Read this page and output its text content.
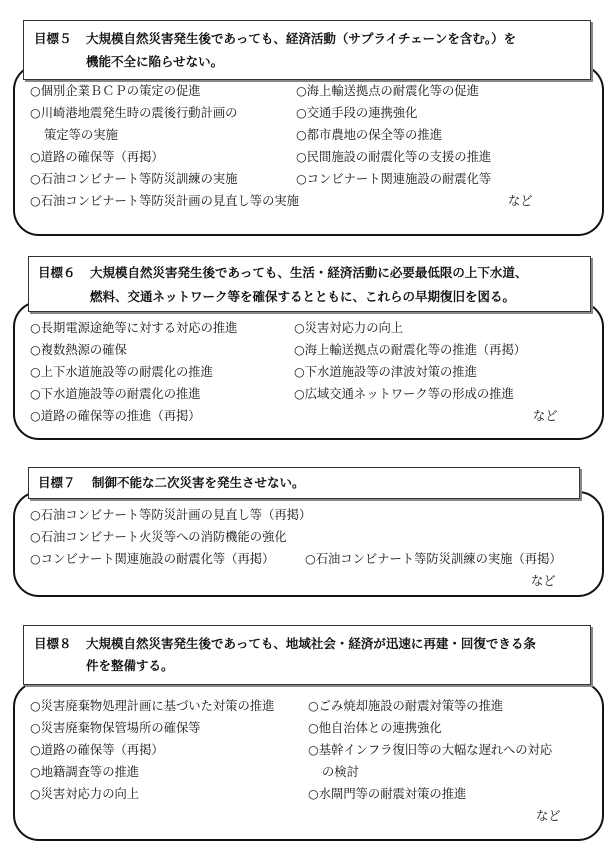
目標５ 大規模自然災害発生後であっても、経済活動（サプライチェーンを含む。）を
機能不全に陥らせない。
○個別企業ＢＣＰの策定の促進
○川崎港地震発生時の震後行動計画の
策定等の実施
○道路の確保等（再掲）
○石油コンビナート等防災訓練の実施
○石油コンビナート等防災計画の見直し等の実施
○海上輸送拠点の耐震化等の促進
○交通手段の連携強化
○都市農地の保全等の推進
○民間施設の耐震化等の支援の推進
○コンビナート関連施設の耐震化等
など
目標６ 大規模自然災害発生後であっても、生活・経済活動に必要最低限の上下水道、
燃料、交通ネットワーク等を確保するとともに、これらの早期復旧を図る。
○長期電源途絶等に対する対応の推進
○複数熱源の確保
○上下水道施設等の耐震化の推進
○下水道施設等の耐震化の推進
○道路の確保等の推進（再掲）
○災害対応力の向上
○海上輸送拠点の耐震化等の推進（再掲）
○下水道施設等の津波対策の推進
○広域交通ネットワーク等の形成の推進
など
目標７ 制御不能な二次災害を発生させない。
○石油コンビナート等防災計画の見直し等（再掲）
○石油コンビナート火災等への消防機能の強化
○コンビナート関連施設の耐震化等（再掲） ○石油コンビナート等防災訓練の実施（再掲）
など
目標８ 大規模自然災害発生後であっても、地域社会・経済が迅速に再建・回復できる条
件を整備する。
○災害廃棄物処理計画に基づいた対策の推進
○災害廃棄物保管場所の確保等
○道路の確保等（再掲）
○地籍調査等の推進
○災害対応力の向上
○ごみ焼却施設の耐震対策等の推進
○他自治体との連携強化
○基幹インフラ復旧等の大幅な遅れへの対応
の検討
○水閘門等の耐震対策の推進
など
